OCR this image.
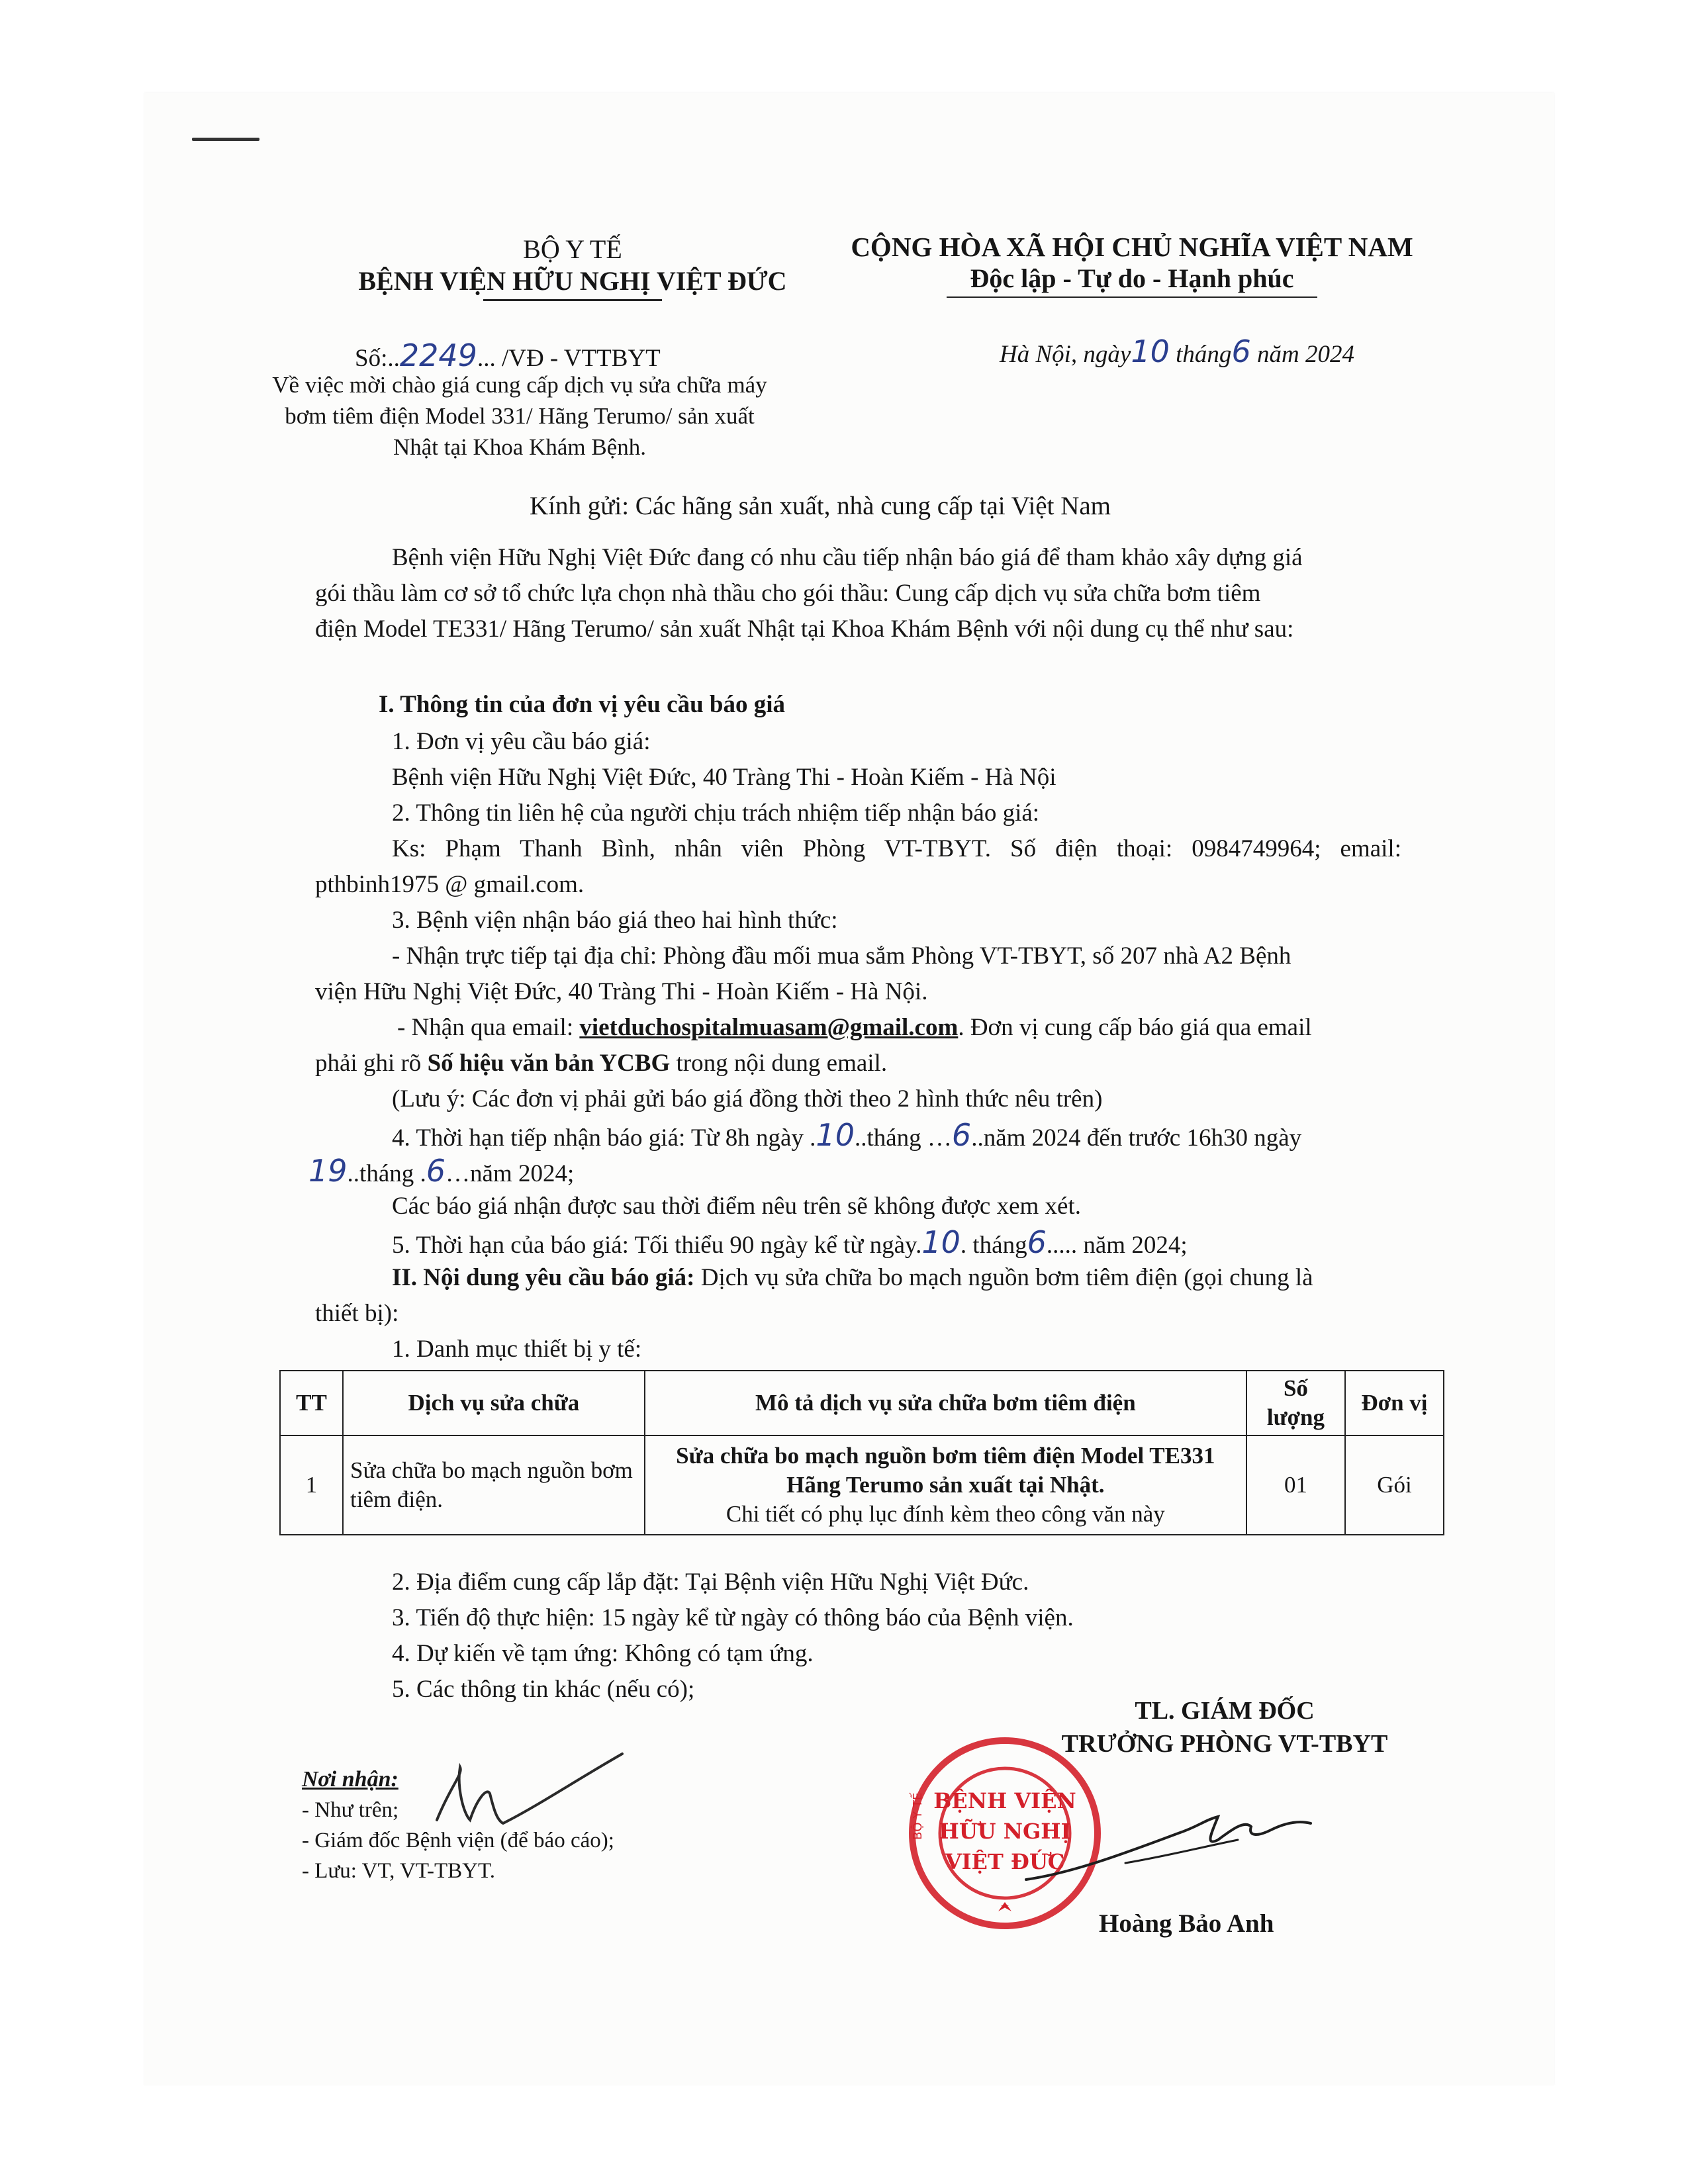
BỘ Y TẾ
BỆNH VIỆN HỮU NGHỊ VIỆT ĐỨC
CỘNG HÒA XÃ HỘI CHỦ NGHĨA VIỆT NAM
Độc lập - Tự do - Hạnh phúc
Số:..2249... /VĐ - VTTBYT	Hà Nội, ngày10 tháng6 năm 2024
Về việc mời chào giá cung cấp dịch vụ sửa chữa máy
bơm tiêm điện Model 331/ Hãng Terumo/ sản xuất
Nhật tại Khoa Khám Bệnh.
Kính gửi: Các hãng sản xuất, nhà cung cấp tại Việt Nam
Bệnh viện Hữu Nghị Việt Đức đang có nhu cầu tiếp nhận báo giá để tham khảo xây dựng giá
gói thầu làm cơ sở tổ chức lựa chọn nhà thầu cho gói thầu: Cung cấp dịch vụ sửa chữa bơm tiêm
điện Model TE331/ Hãng Terumo/ sản xuất Nhật tại Khoa Khám Bệnh với nội dung cụ thể như sau:
I. Thông tin của đơn vị yêu cầu báo giá
1. Đơn vị yêu cầu báo giá:
Bệnh viện Hữu Nghị Việt Đức, 40 Tràng Thi - Hoàn Kiếm - Hà Nội
2. Thông tin liên hệ của người chịu trách nhiệm tiếp nhận báo giá:
Ks: Phạm Thanh Bình, nhân viên Phòng VT-TBYT. Số điện thoại: 0984749964; email:
pthbinh1975 @ gmail.com.
3. Bệnh viện nhận báo giá theo hai hình thức:
- Nhận trực tiếp tại địa chỉ: Phòng đầu mối mua sắm Phòng VT-TBYT, số 207 nhà A2 Bệnh
viện Hữu Nghị Việt Đức, 40 Tràng Thi - Hoàn Kiếm - Hà Nội.
- Nhận qua email: vietduchospitalmuasam@gmail.com. Đơn vị cung cấp báo giá qua email
phải ghi rõ Số hiệu văn bản YCBG trong nội dung email.
(Lưu ý: Các đơn vị phải gửi báo giá đồng thời theo 2 hình thức nêu trên)
4. Thời hạn tiếp nhận báo giá: Từ 8h ngày .10..tháng …6..năm 2024 đến trước 16h30 ngày
19..tháng .6…năm 2024;
Các báo giá nhận được sau thời điểm nêu trên sẽ không được xem xét.
5. Thời hạn của báo giá: Tối thiểu 90 ngày kể từ ngày.10. tháng6..... năm 2024;
II. Nội dung yêu cầu báo giá: Dịch vụ sửa chữa bo mạch nguồn bơm tiêm điện (gọi chung là
thiết bị):
1. Danh mục thiết bị y tế:
TT	Dịch vụ sửa chữa	Mô tả dịch vụ sửa chữa bơm tiêm điện	Số lượng	Đơn vị
1	Sửa chữa bo mạch nguồn bơm tiêm điện.	Sửa chữa bo mạch nguồn bơm tiêm điện Model TE331
Hãng Terumo sản xuất tại Nhật.
Chi tiết có phụ lục đính kèm theo công văn này	01	Gói
2. Địa điểm cung cấp lắp đặt: Tại Bệnh viện Hữu Nghị Việt Đức.
3. Tiến độ thực hiện: 15 ngày kể từ ngày có thông báo của Bệnh viện.
4. Dự kiến về tạm ứng: Không có tạm ứng.
5. Các thông tin khác (nếu có);
TL. GIÁM ĐỐC
TRƯỞNG PHÒNG VT-TBYT
Nơi nhận:
- Như trên;
- Giám đốc Bệnh viện (để báo cáo);
- Lưu: VT, VT-TBYT.
BỆNH VIỆN
HỮU NGHỊ
VIỆT ĐỨC
BỘ Y TẾ
Hoàng Bảo Anh
